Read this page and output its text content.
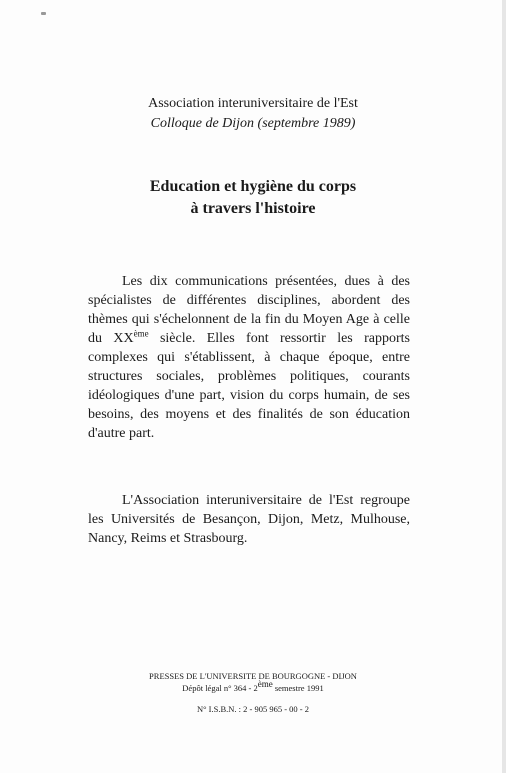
Association interuniversitaire de l'Est
Colloque de Dijon (septembre 1989)
Education et hygiène du corps
à travers l'histoire
Les dix communications présentées, dues à des spécialistes de différentes disciplines, abordent des thèmes qui s'échelonnent de la fin du Moyen Age à celle du XXème siècle. Elles font ressortir les rapports complexes qui s'établissent, à chaque époque, entre structures sociales, problèmes politiques, courants idéologiques d'une part, vision du corps humain, de ses besoins, des moyens et des finalités de son éducation d'autre part.
L'Association interuniversitaire de l'Est regroupe les Universités de Besançon, Dijon, Metz, Mulhouse, Nancy, Reims et Strasbourg.
PRESSES DE L'UNIVERSITE DE BOURGOGNE - DIJON
Dépôt légal n° 364 - 2ème semestre 1991
N° I.S.B.N. : 2 - 905 965 - 00 - 2
